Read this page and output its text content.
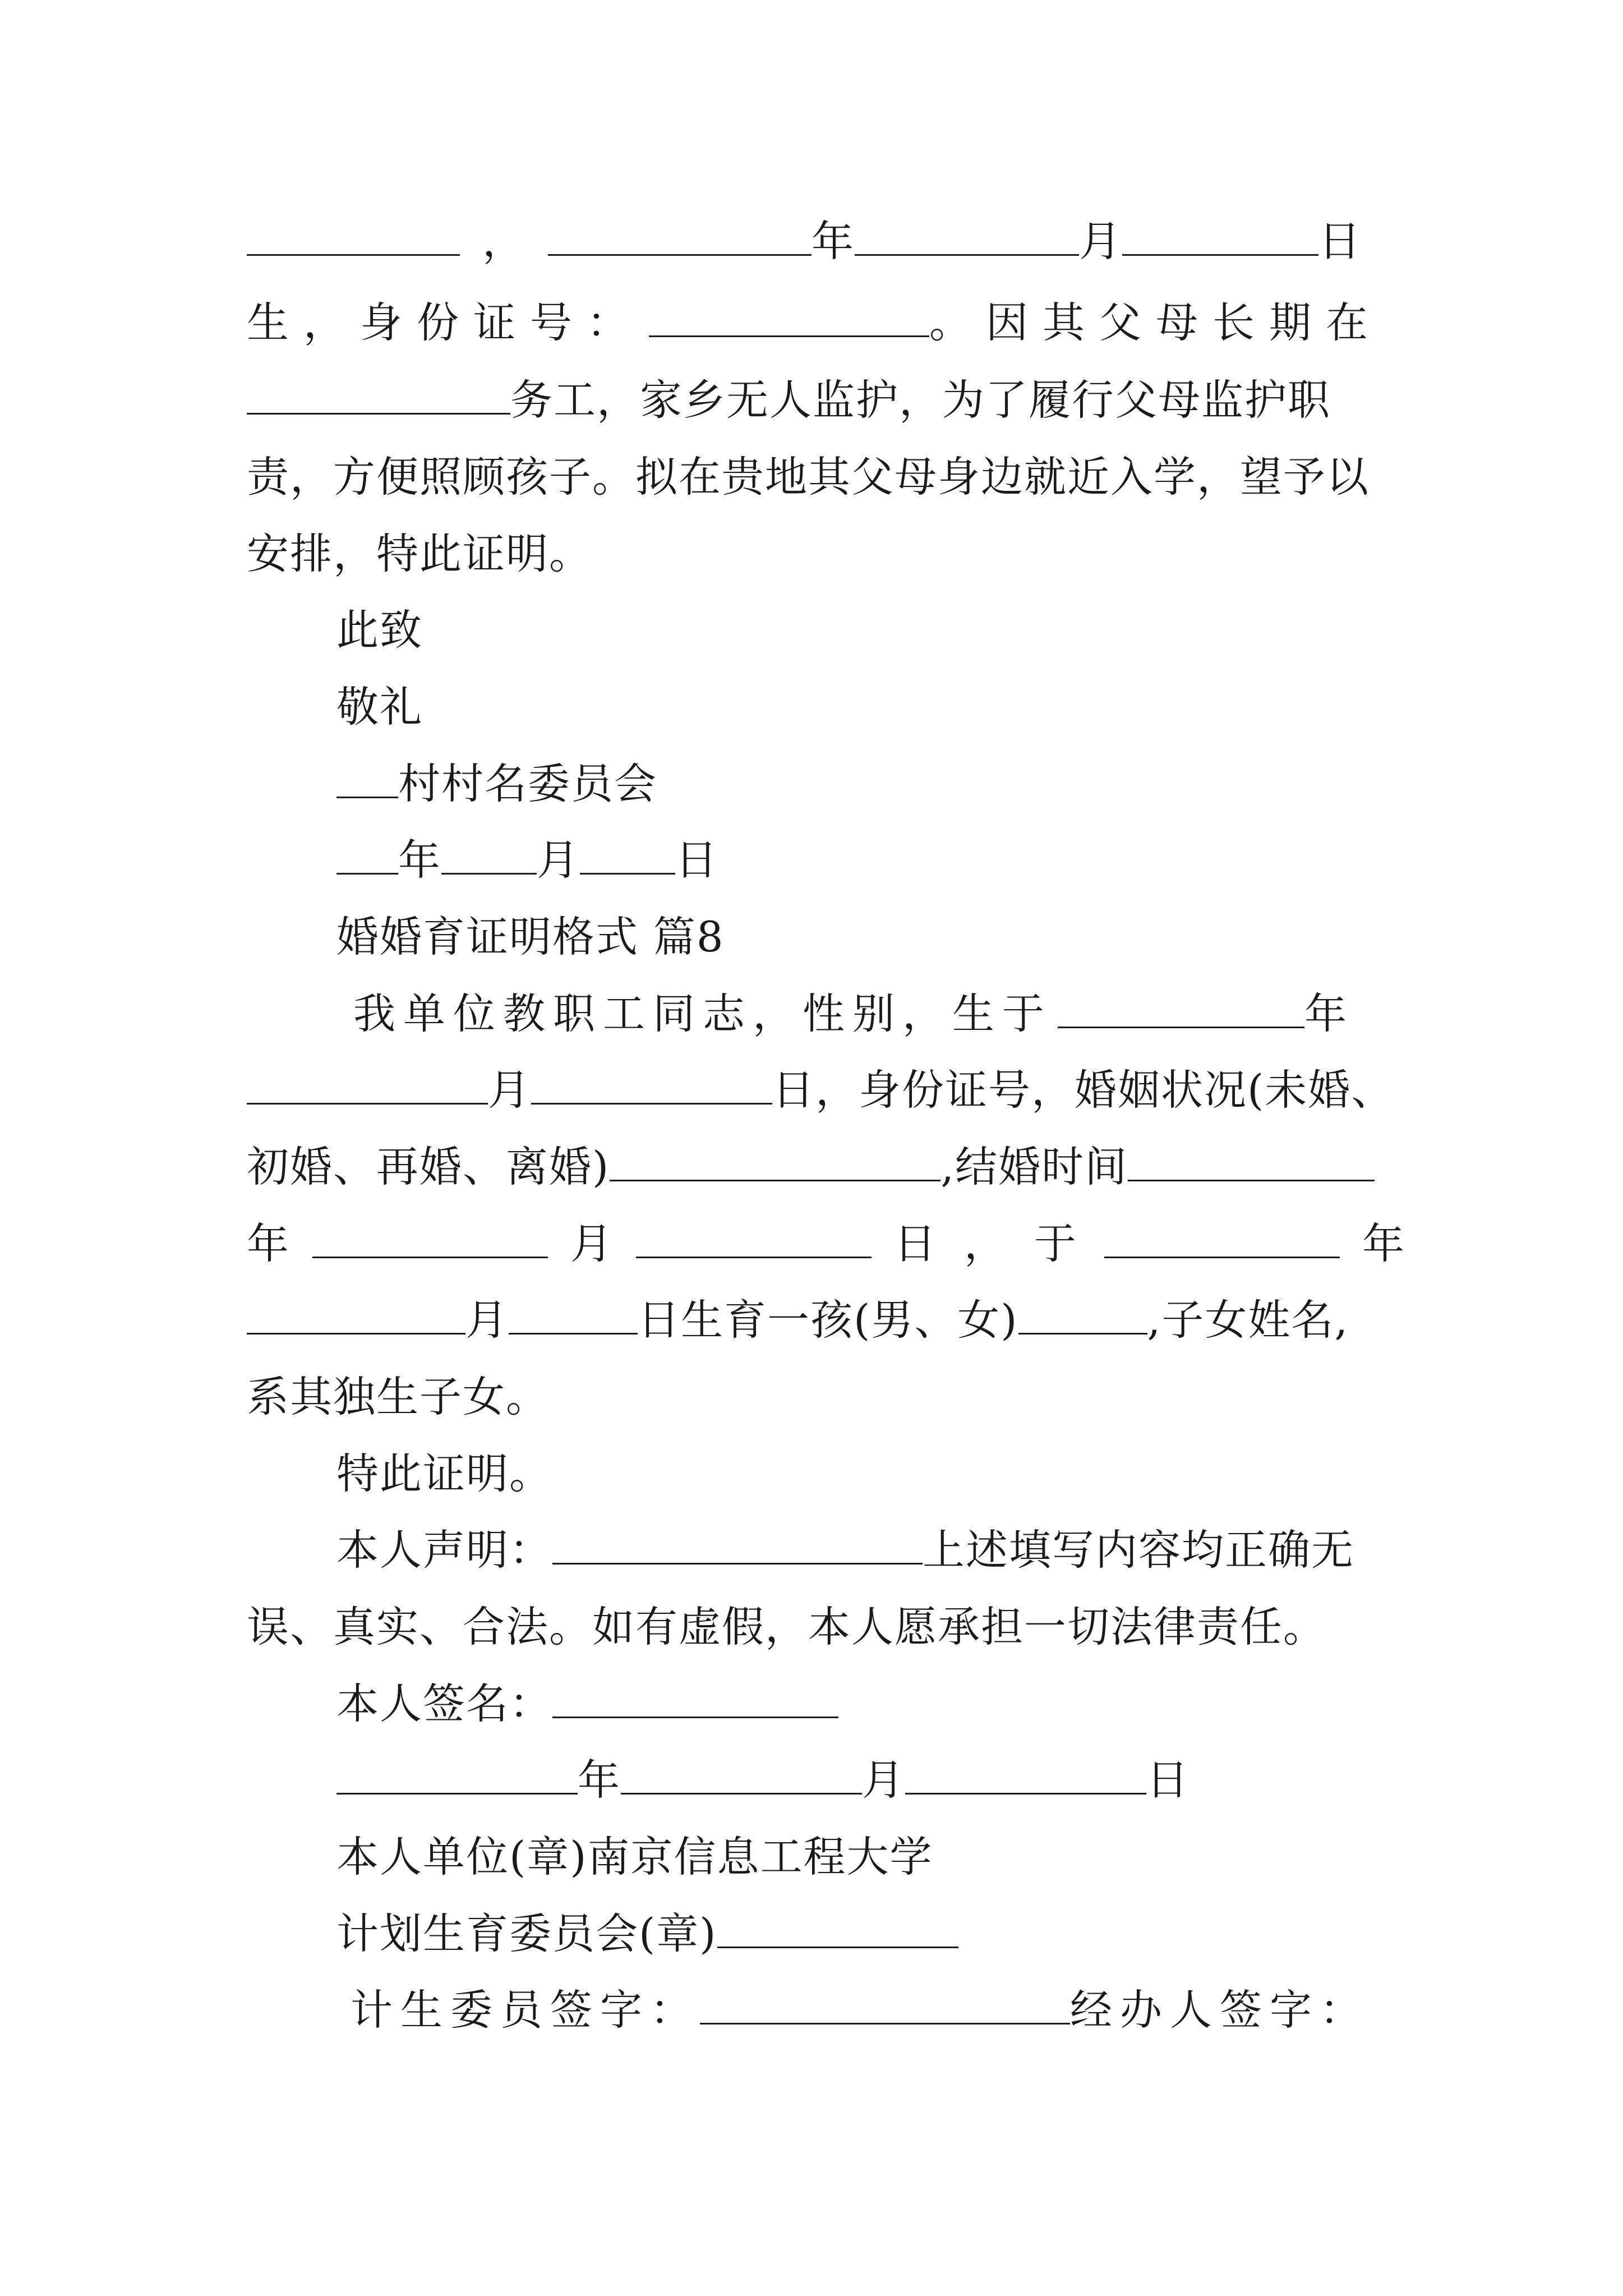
，	年	月	日
生，身份证号：	。因其父母长期在
务工，家乡无人监护，为了履行父母监护职
责，方便照顾孩子。拟在贵地其父母身边就近入学，望予以
安排，特此证明。
此致
敬礼
村村名委员会
年 月 日
婚婚育证明格式 篇8
我单位教职工同志，性别，生于	年
月	日，身份证号，婚姻状况(未婚、
初婚、再婚、离婚)	,结婚时间
年	月	日，于	年
月	日生育一孩(男、女)	,子女姓名,
系其独生子女。
特此证明。
本人声明：	上述填写内容均正确无
误、真实、合法。如有虚假，本人愿承担一切法律责任。
本人签名：
年	月	日
本人单位(章)南京信息工程大学
计划生育委员会(章)
计生委员签字：	经办人签字：
